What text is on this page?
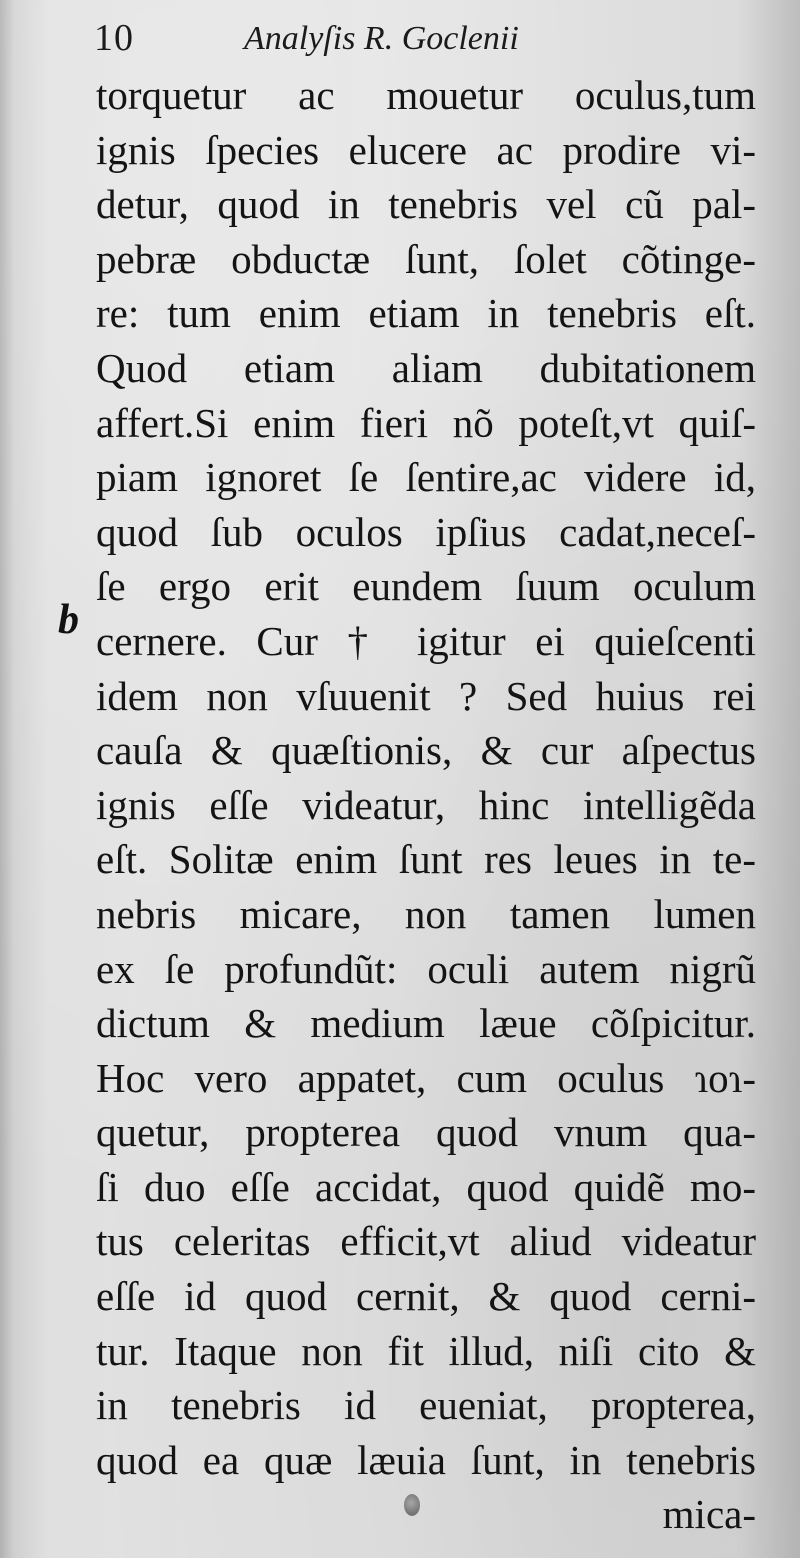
10	Analyſis R. Goclenii
b
torquetur ac mouetur oculus,tum
ignis ſpecies elucere ac prodire vi-
detur, quod in tenebris vel cũ pal-
pebræ obductæ ſunt, ſolet cõtinge-
re: tum enim etiam in tenebris eſt.
Quod etiam aliam dubitationem
affert.Si enim fieri nõ poteſt,vt quiſ-
piam ignoret ſe ſentire,ac videre id,
quod ſub oculos ipſius cadat,neceſ-
ſe ergo erit eundem ſuum oculum
cernere. Cur † igitur ei quieſcenti
idem non vſuuenit ? Sed huius rei
cauſa & quæſtionis, & cur aſpectus
ignis eſſe videatur, hinc intelligẽda
eſt. Solitæ enim ſunt res leues in te-
nebris micare, non tamen lumen
ex ſe profundũt: oculi autem nigrũ
dictum & medium læue cõſpicitur.
Hoc vero appatet, cum oculus ɿoɿ-
quetur, propterea quod vnum qua-
ſi duo eſſe accidat, quod quidẽ mo-
tus celeritas efficit,vt aliud videatur
eſſe id quod cernit, & quod cerni-
tur. Itaque non fit illud, niſi cito &
in tenebris id eueniat, propterea,
quod ea quæ læuia ſunt, in tenebris
mica-
